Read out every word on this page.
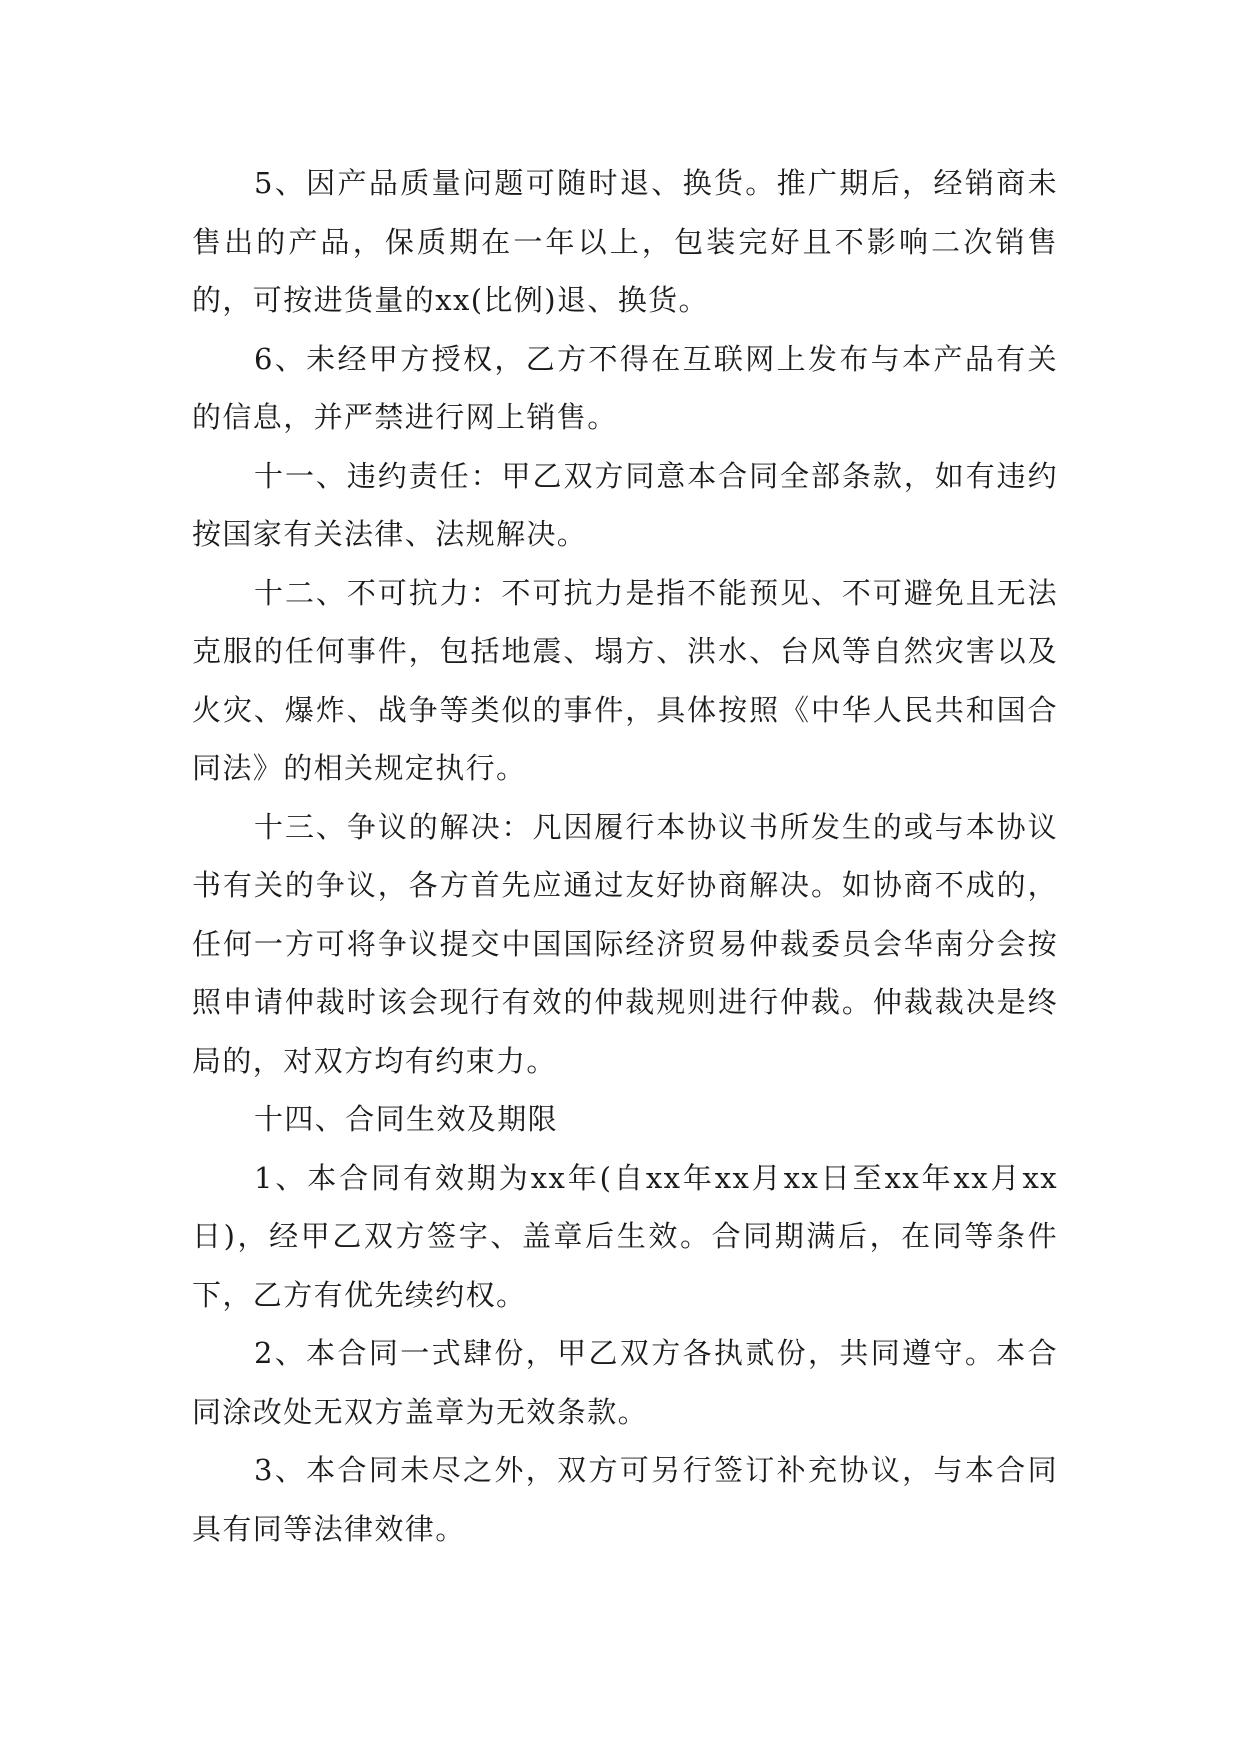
5、因产品质量问题可随时退、换货。推广期后，经销商未售出的产品，保质期在一年以上，包装完好且不影响二次销售的，可按进货量的xx(比例)退、换货。

6、未经甲方授权，乙方不得在互联网上发布与本产品有关的信息，并严禁进行网上销售。

十一、违约责任：甲乙双方同意本合同全部条款，如有违约按国家有关法律、法规解决。

十二、不可抗力：不可抗力是指不能预见、不可避免且无法克服的任何事件，包括地震、塌方、洪水、台风等自然灾害以及火灾、爆炸、战争等类似的事件，具体按照《中华人民共和国合同法》的相关规定执行。

十三、争议的解决：凡因履行本协议书所发生的或与本协议书有关的争议，各方首先应通过友好协商解决。如协商不成的，任何一方可将争议提交中国国际经济贸易仲裁委员会华南分会按照申请仲裁时该会现行有效的仲裁规则进行仲裁。仲裁裁决是终局的，对双方均有约束力。

十四、合同生效及期限

1、本合同有效期为xx年(自xx年xx月xx日至xx年xx月xx日)，经甲乙双方签字、盖章后生效。合同期满后，在同等条件下，乙方有优先续约权。

2、本合同一式肆份，甲乙双方各执贰份，共同遵守。本合同涂改处无双方盖章为无效条款。

3、本合同未尽之外，双方可另行签订补充协议，与本合同具有同等法律效律。
